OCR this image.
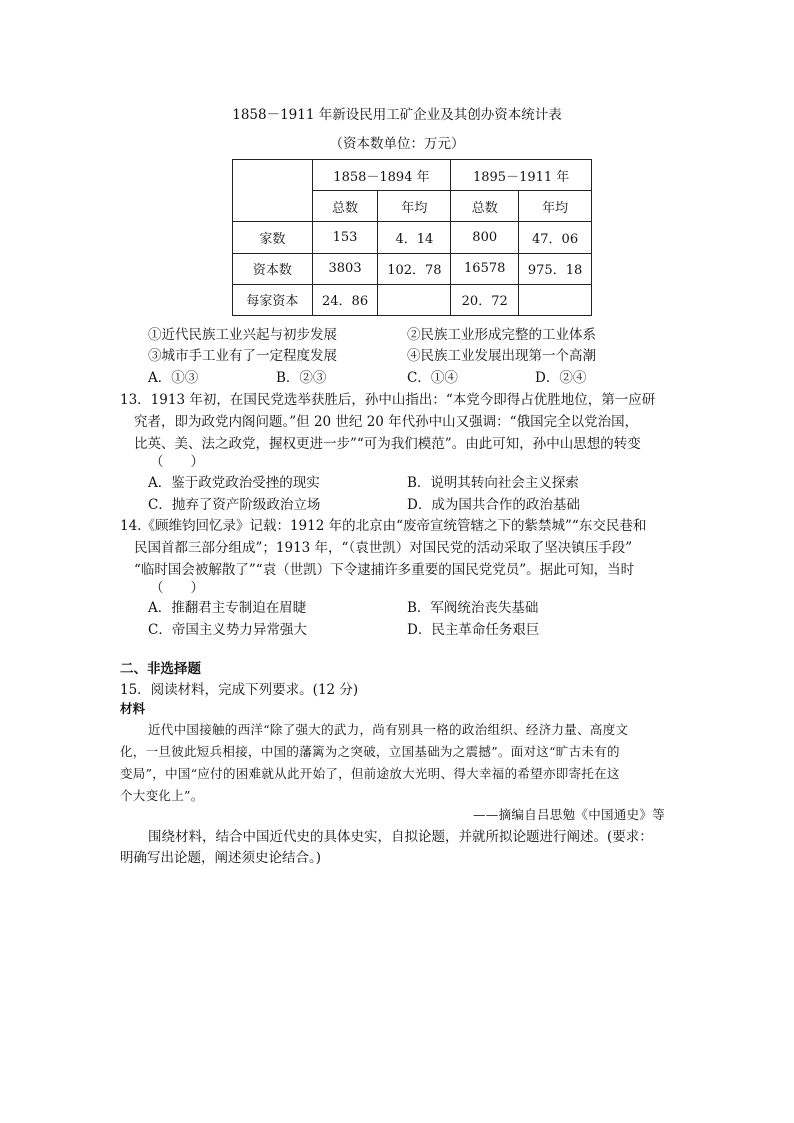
1858－1911 年新设民用工矿企业及其创办资本统计表
（资本数单位：万元）
	1858－1894 年		1895－1911 年	
	总数	年均	总数	年均
家数	153	4．14	800	47．06
资本数	3803	102．78	16578	975．18
每家资本	24．86		20．72	
①近代民族工业兴起与初步发展	②民族工业形成完整的工业体系
③城市手工业有了一定程度发展	④民族工业发展出现第一个高潮
A．①③	B．②③	C．①④	D．②④
13．1913 年初，在国民党选举获胜后，孙中山指出：“本党今即得占优胜地位，第一应研
究者，即为政党内阁问题。”但 20 世纪 20 年代孙中山又强调：“俄国完全以党治国，
比英、美、法之政党，握权更进一步”“可为我们模范”。由此可知，孙中山思想的转变
（　　）
A．鉴于政党政治受挫的现实	B．说明其转向社会主义探索
C．抛弃了资产阶级政治立场	D．成为国共合作的政治基础
14.《顾维钧回忆录》记载：1912 年的北京由“废帝宣统管辖之下的紫禁城”“东交民巷和
民国首都三部分组成”；1913 年，“（袁世凯）对国民党的活动采取了坚决镇压手段”
“临时国会被解散了”“袁（世凯）下令逮捕许多重要的国民党党员”。据此可知，当时
（　　）
A．推翻君主专制迫在眉睫	B．军阀统治丧失基础
C．帝国主义势力异常强大	D．民主革命任务艰巨
二、非选择题
15．阅读材料，完成下列要求。(12 分)
材料
近代中国接触的西洋“除了强大的武力，尚有别具一格的政治组织、经济力量、高度文
化，一旦彼此短兵相接，中国的藩篱为之突破，立国基础为之震撼”。面对这“旷古未有的
变局”，中国“应付的困难就从此开始了，但前途放大光明、得大幸福的希望亦即寄托在这
个大变化上”。
——摘编自吕思勉《中国通史》等
围绕材料，结合中国近代史的具体史实，自拟论题，并就所拟论题进行阐述。(要求：
明确写出论题，阐述须史论结合。)
